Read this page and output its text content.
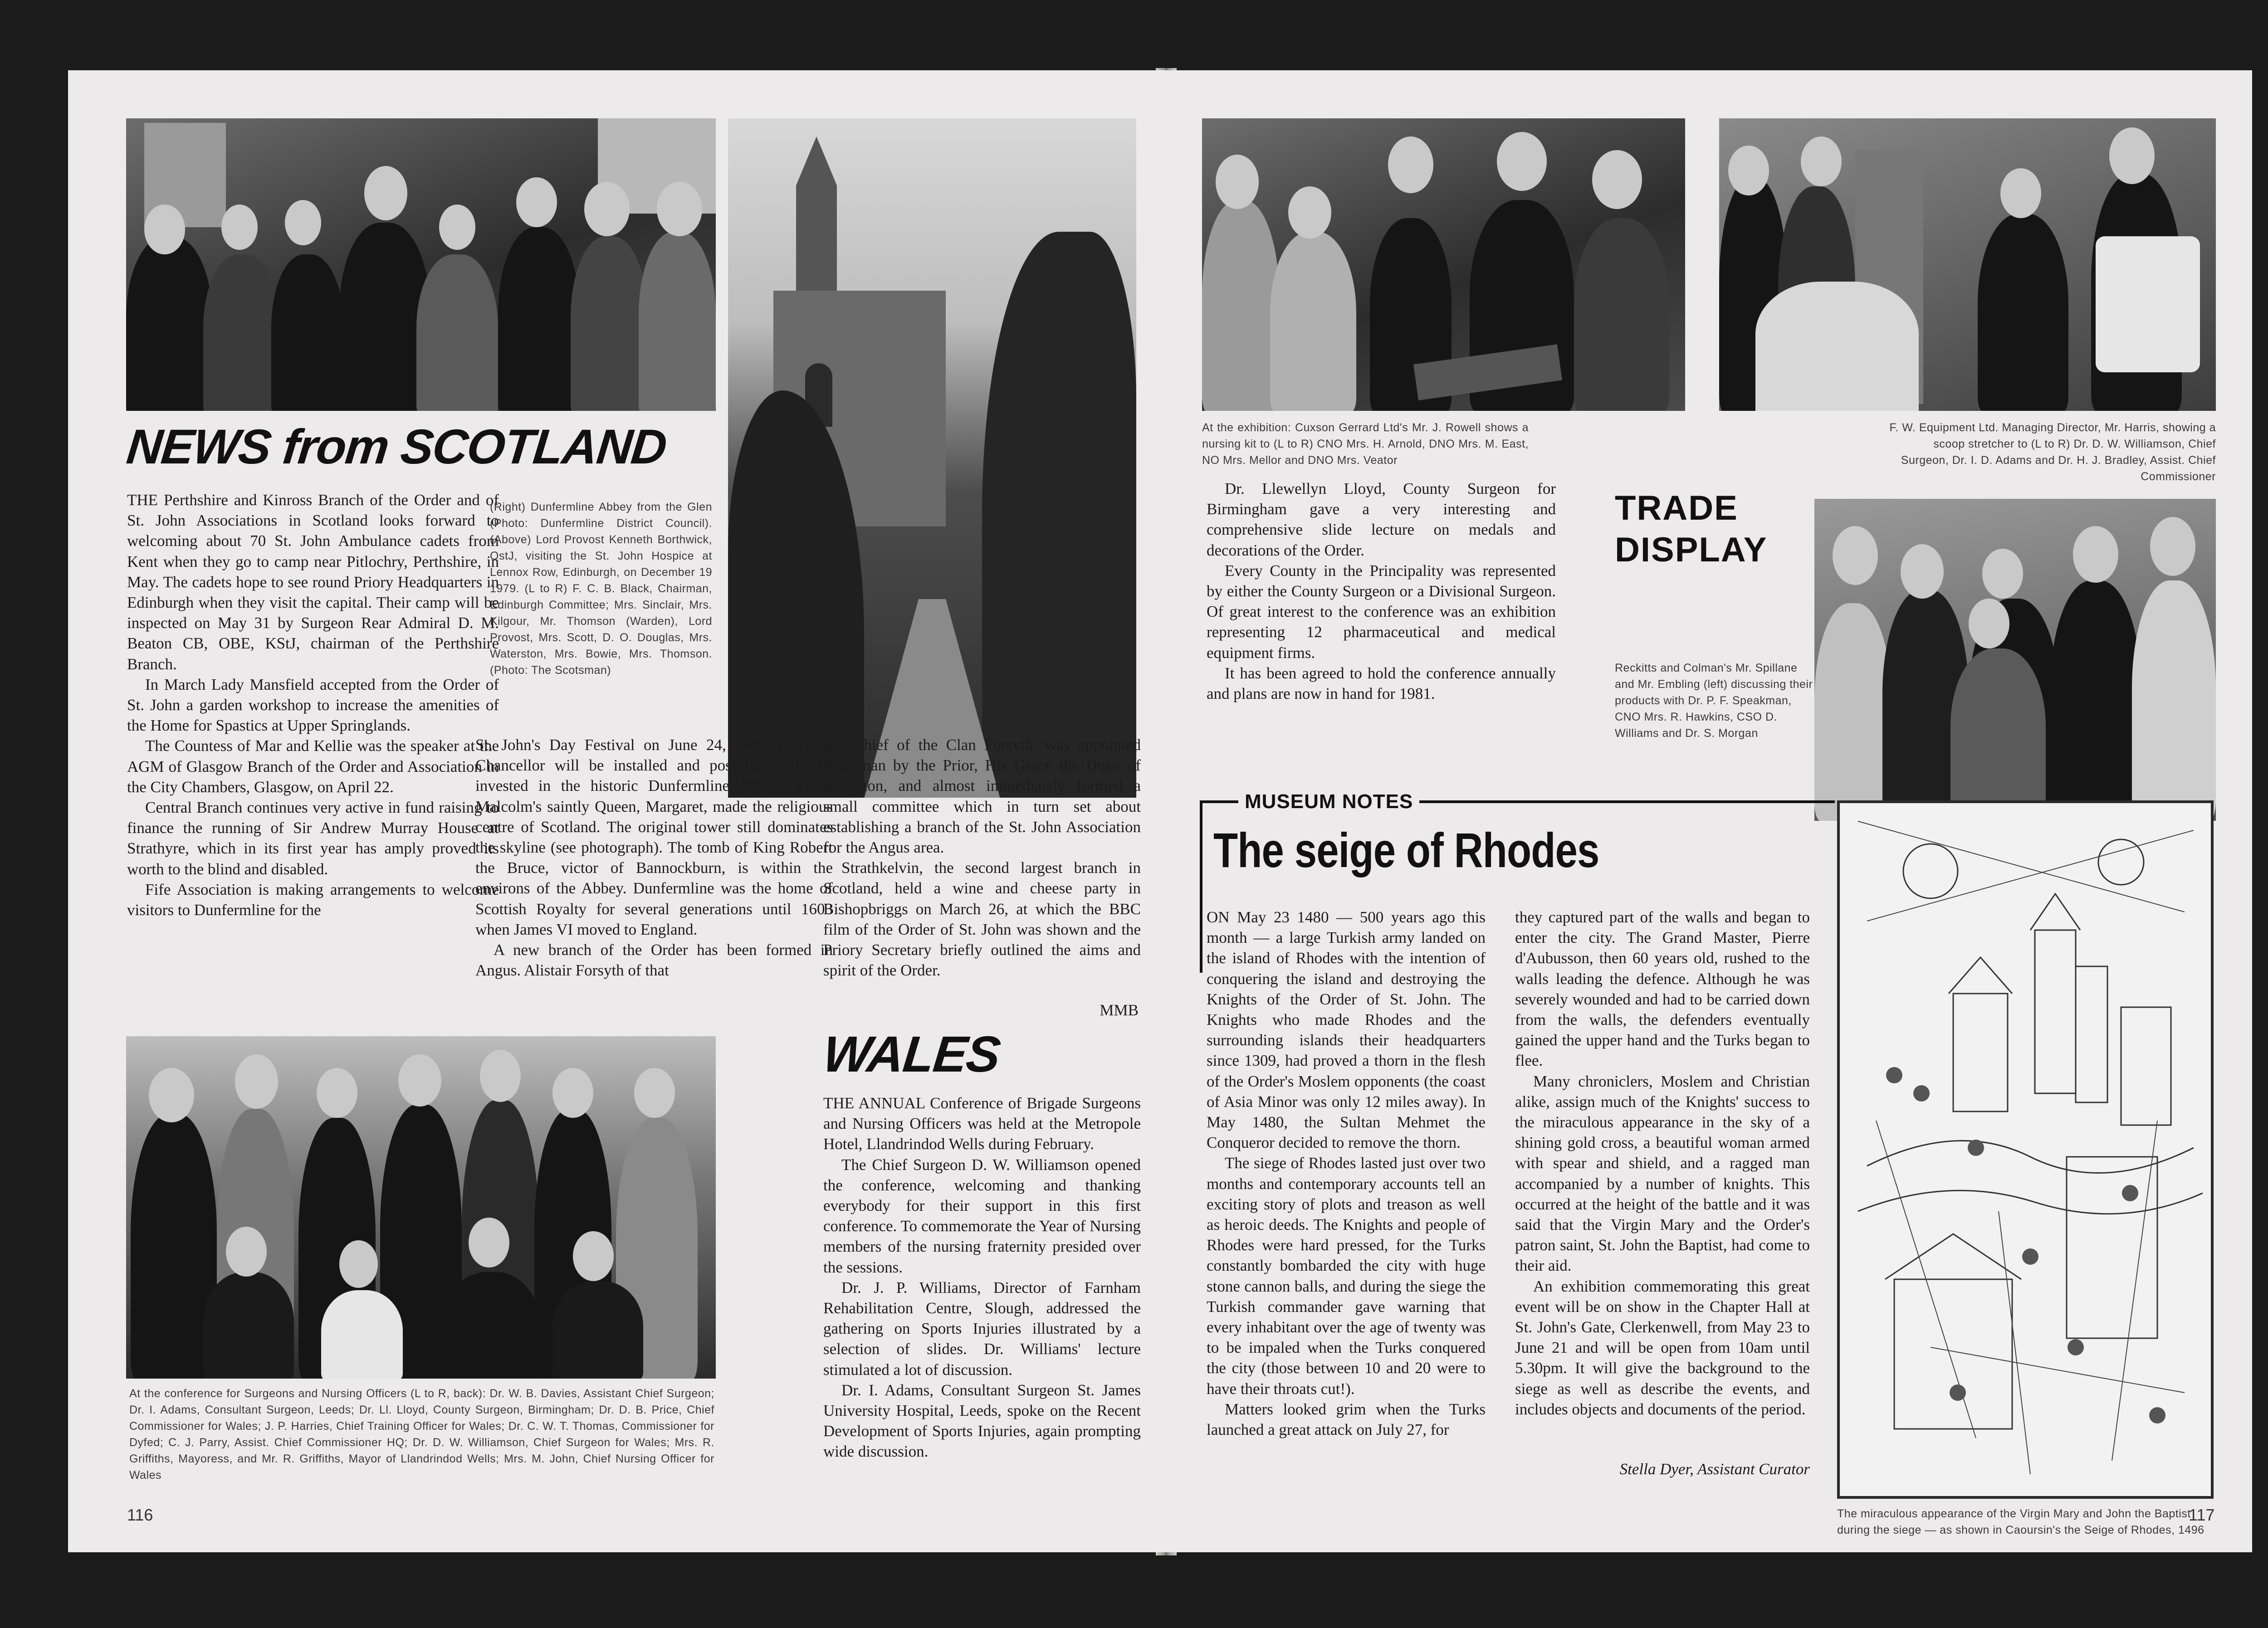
NEWS from SCOTLAND

THE Perthshire and Kinross Branch of the Order and of St. John Associations in Scotland looks forward to welcoming about 70 St. John Ambulance cadets from Kent when they go to camp near Pitlochry, Perthshire, in May. The cadets hope to see round Priory Headquarters in Edinburgh when they visit the capital. Their camp will be inspected on May 31 by Surgeon Rear Admiral D. M. Beaton CB, OBE, KStJ, chairman of the Perthshire Branch.

In March Lady Mansfield accepted from the Order of St. John a garden workshop to increase the amenities of the Home for Spastics at Upper Springlands.

The Countess of Mar and Kellie was the speaker at the AGM of Glasgow Branch of the Order and Association in the City Chambers, Glasgow, on April 22.

Central Branch continues very active in fund raising to finance the running of Sir Andrew Murray House at Strathyre, which in its first year has amply proved its worth to the blind and disabled.

Fife Association is making arrangements to welcome visitors to Dunfermline for the

(Right) Dunfermline Abbey from the Glen (Photo: Dunfermline District Council). (Above) Lord Provost Kenneth Borthwick, OstJ, visiting the St. John Hospice at Lennox Row, Edinburgh, on December 19 1979. (L to R) F. C. B. Black, Chairman, Edinburgh Committee; Mrs. Sinclair, Mrs. Kilgour, Mr. Thomson (Warden), Lord Provost, Mrs. Scott, D. O. Douglas, Mrs. Waterston, Mrs. Bowie, Mrs. Thomson. (Photo: The Scotsman)

St. John's Day Festival on June 24, when the new Chancellor will be installed and postulants will be invested in the historic Dunfermline Abbey, which Malcolm's saintly Queen, Margaret, made the religious centre of Scotland. The original tower still dominates the skyline (see photograph). The tomb of King Robert the Bruce, victor of Bannockburn, is within the environs of the Abbey. Dunfermline was the home of Scottish Royalty for several generations until 1603 when James VI moved to England.

A new branch of the Order has been formed in Angus. Alistair Forsyth of that

Ilk, Chief of the Clan Forsyth, was appointed Chairman by the Prior, His Grace the Duke of Hamilton, and almost immediately formed a small committee which in turn set about establishing a branch of the St. John Association for the Angus area.

Strathkelvin, the second largest branch in Scotland, held a wine and cheese party in Bishopbriggs on March 26, at which the BBC film of the Order of St. John was shown and the Priory Secretary briefly outlined the aims and spirit of the Order.

MMB
At the conference for Surgeons and Nursing Officers (L to R, back): Dr. W. B. Davies, Assistant Chief Surgeon; Dr. I. Adams, Consultant Surgeon, Leeds; Dr. Ll. Lloyd, County Surgeon, Birmingham; Dr. D. B. Price, Chief Commissioner for Wales; J. P. Harries, Chief Training Officer for Wales; Dr. C. W. T. Thomas, Commissioner for Dyfed; C. J. Parry, Assist. Chief Commissioner HQ; Dr. D. W. Williamson, Chief Surgeon for Wales; Mrs. R. Griffiths, Mayoress, and Mr. R. Griffiths, Mayor of Llandrindod Wells; Mrs. M. John, Chief Nursing Officer for Wales
WALES

THE ANNUAL Conference of Brigade Surgeons and Nursing Officers was held at the Metropole Hotel, Llandrindod Wells during February.

The Chief Surgeon D. W. Williamson opened the conference, welcoming and thanking everybody for their support in this first conference. To commemorate the Year of Nursing members of the nursing fraternity presided over the sessions.

Dr. J. P. Williams, Director of Farnham Rehabilitation Centre, Slough, addressed the gathering on Sports Injuries illustrated by a selection of slides. Dr. Williams' lecture stimulated a lot of discussion.

Dr. I. Adams, Consultant Surgeon St. James University Hospital, Leeds, spoke on the Recent Development of Sports Injuries, again prompting wide discussion.

116
At the exhibition: Cuxson Gerrard Ltd's Mr. J. Rowell shows a nursing kit to (L to R) CNO Mrs. H. Arnold, DNO Mrs. M. East, NO Mrs. Mellor and DNO Mrs. Veator
F. W. Equipment Ltd. Managing Director, Mr. Harris, showing a scoop stretcher to (L to R) Dr. D. W. Williamson, Chief Surgeon, Dr. I. D. Adams and Dr. H. J. Bradley, Assist. Chief Commissioner

Dr. Llewellyn Lloyd, County Surgeon for Birmingham gave a very interesting and comprehensive slide lecture on medals and decorations of the Order.

Every County in the Principality was represented by either the County Surgeon or a Divisional Surgeon. Of great interest to the conference was an exhibition representing 12 pharmaceutical and medical equipment firms.

It has been agreed to hold the conference annually and plans are now in hand for 1981.

TRADE
DISPLAY
Reckitts and Colman's Mr. Spillane and Mr. Embling (left) discussing their products with Dr. P. F. Speakman, CNO Mrs. R. Hawkins, CSO D. Williams and Dr. S. Morgan
MUSEUM NOTES
The seige of Rhodes

ON May 23 1480 — 500 years ago this month — a large Turkish army landed on the island of Rhodes with the intention of conquering the island and destroying the Knights of the Order of St. John. The Knights who made Rhodes and the surrounding islands their headquarters since 1309, had proved a thorn in the flesh of the Order's Moslem opponents (the coast of Asia Minor was only 12 miles away). In May 1480, the Sultan Mehmet the Conqueror decided to remove the thorn.

The siege of Rhodes lasted just over two months and contemporary accounts tell an exciting story of plots and treason as well as heroic deeds. The Knights and people of Rhodes were hard pressed, for the Turks constantly bombarded the city with huge stone cannon balls, and during the siege the Turkish commander gave warning that every inhabitant over the age of twenty was to be impaled when the Turks conquered the city (those between 10 and 20 were to have their throats cut!).

Matters looked grim when the Turks launched a great attack on July 27, for

they captured part of the walls and began to enter the city. The Grand Master, Pierre d'Aubusson, then 60 years old, rushed to the walls leading the defence. Although he was severely wounded and had to be carried down from the walls, the defenders eventually gained the upper hand and the Turks began to flee.

Many chroniclers, Moslem and Christian alike, assign much of the Knights' success to the miraculous appearance in the sky of a shining gold cross, a beautiful woman armed with spear and shield, and a ragged man accompanied by a number of knights. This occurred at the height of the battle and it was said that the Virgin Mary and the Order's patron saint, St. John the Baptist, had come to their aid.

An exhibition commemorating this great event will be on show in the Chapter Hall at St. John's Gate, Clerkenwell, from May 23 to June 21 and will be open from 10am until 5.30pm. It will give the background to the siege as well as describe the events, and includes objects and documents of the period.

Stella Dyer, Assistant Curator
The miraculous appearance of the Virgin Mary and John the Baptist during the siege — as shown in Caoursin's the Seige of Rhodes, 1496
117
